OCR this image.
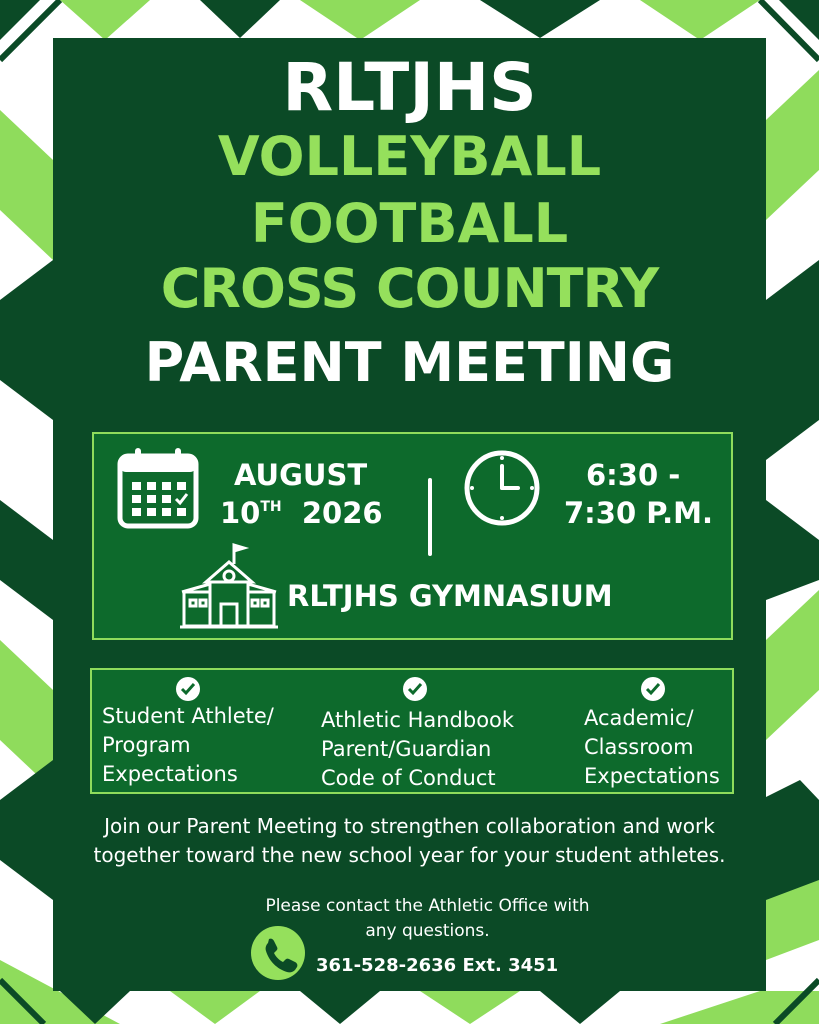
RLTJHS
VOLLEYBALL
FOOTBALL
CROSS COUNTRY
PARENT MEETING
AUGUST
10TH 2026
6:30 -
7:30 P.M.
RLTJHS GYMNASIUM
Student Athlete/
Program
Expectations
Athletic Handbook
Parent/Guardian
Code of Conduct
Academic/
Classroom
Expectations
Join our Parent Meeting to strengthen collaboration and work
together toward the new school year for your student athletes.
Please contact the Athletic Office with
any questions.
361-528-2636 Ext. 3451
